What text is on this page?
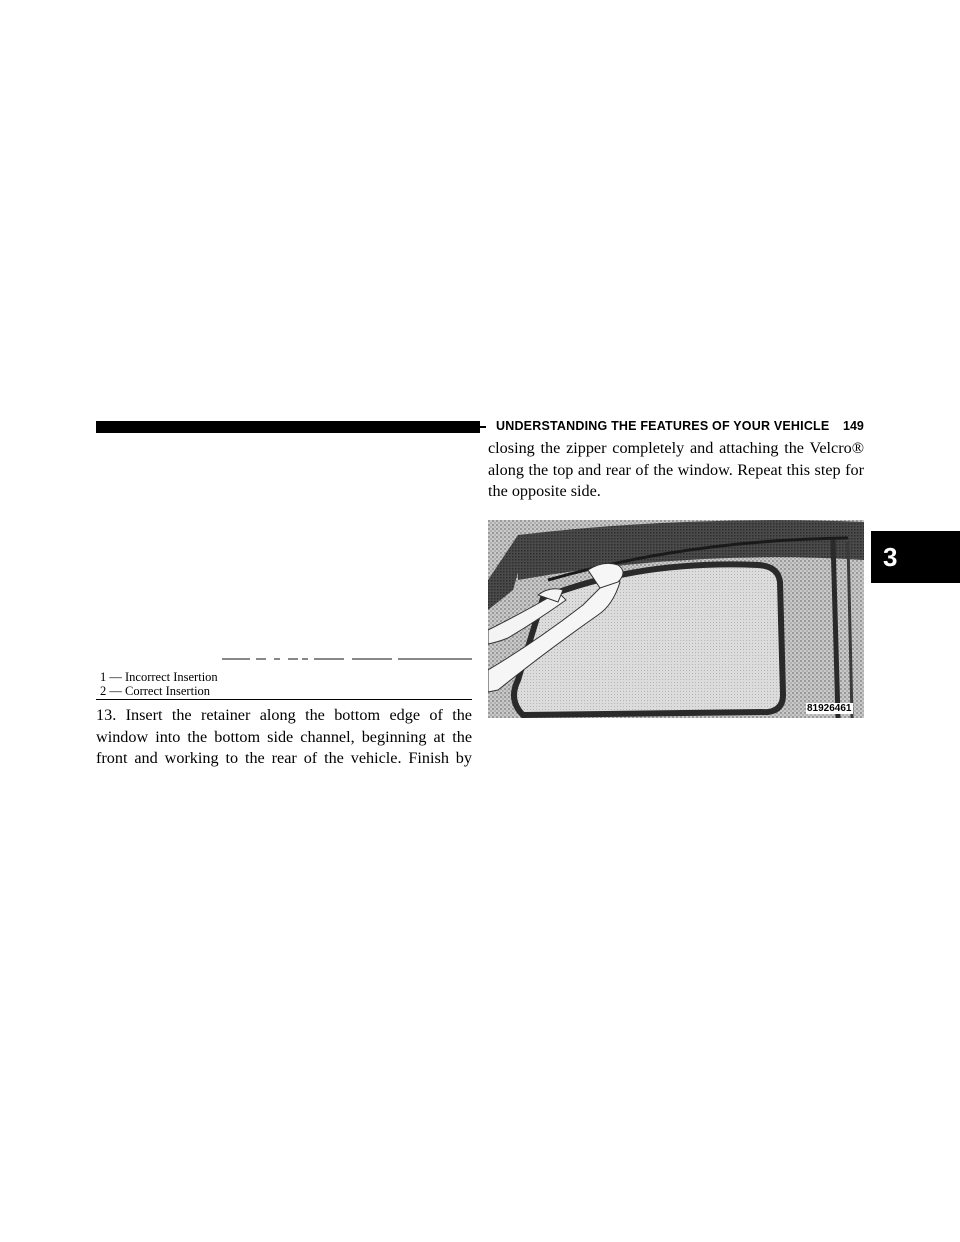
UNDERSTANDING THE FEATURES OF YOUR VEHICLE 149
3
1 — Incorrect Insertion
2 — Correct Insertion
13. Insert the retainer along the bottom edge of the
window into the bottom side channel, beginning at the
front and working to the rear of the vehicle. Finish by
closing the zipper completely and attaching the Velcro®
along the top and rear of the window. Repeat this step for
the opposite side.
81926461
